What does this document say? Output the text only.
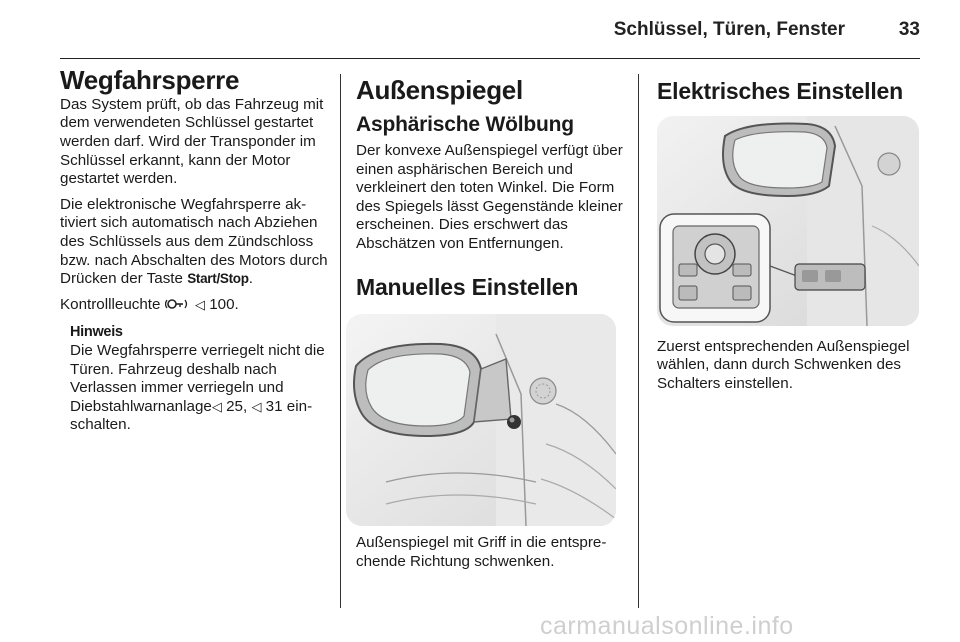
Schlüssel, Türen, Fenster	33
Wegfahrsperre

Das System prüft, ob das Fahrzeug mit dem verwendeten Schlüssel gestartet werden darf. Wird der Transponder im Schlüssel erkannt, kann der Motor gestartet werden.

Die elektronische Wegfahrsperre aktiviert sich automatisch nach Abziehen des Schlüssels aus dem Zündschloss bzw. nach Abschalten des Motors durch Drücken der Taste Start/Stop.

Kontrollleuchte	◁ 100.

Hinweis

Die Wegfahrsperre verriegelt nicht die Türen. Fahrzeug deshalb nach Verlassen immer verriegeln und Diebstahlwarnanlage◁ 25, ◁ 31 einschalten.

Außenspiegel
Asphärische Wölbung

Der konvexe Außenspiegel verfügt über einen asphärischen Bereich und verkleinert den toten Winkel. Die Form des Spiegels lässt Gegenstände kleiner erscheinen. Dies erschwert das Abschätzen von Entfernungen.

Manuelles Einstellen

Außenspiegel mit Griff in die entsprechende Richtung schwenken.

Elektrisches Einstellen

Zuerst entsprechenden Außenspiegel wählen, dann durch Schwenken des Schalters einstellen.

carmanualsonline.info
